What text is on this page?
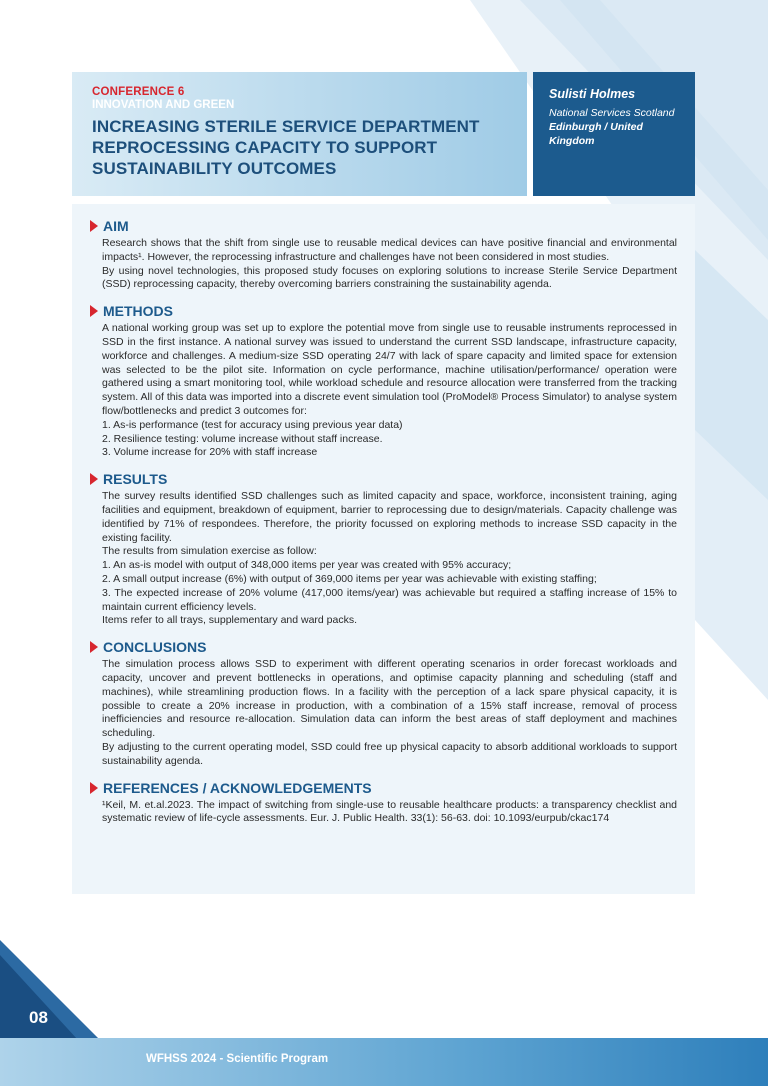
CONFERENCE 6
INNOVATION AND GREEN
INCREASING STERILE SERVICE DEPARTMENT REPROCESSING CAPACITY TO SUPPORT SUSTAINABILITY OUTCOMES
Sulisti Holmes
National Services Scotland
Edinburgh / United Kingdom
AIM

Research shows that the shift from single use to reusable medical devices can have positive financial and environmental impacts¹. However, the reprocessing infrastructure and challenges have not been considered in most studies.

By using novel technologies, this proposed study focuses on exploring solutions to increase Sterile Service Department (SSD) reprocessing capacity, thereby overcoming barriers constraining the sustainability agenda.

METHODS

A national working group was set up to explore the potential move from single use to reusable instruments reprocessed in SSD in the first instance. A national survey was issued to understand the current SSD landscape, infrastructure capacity, workforce and challenges. A medium-size SSD operating 24/7 with lack of spare capacity and limited space for extension was selected to be the pilot site. Information on cycle performance, machine utilisation/performance/ operation were gathered using a smart monitoring tool, while workload schedule and resource allocation were transferred from the tracking system. All of this data was imported into a discrete event simulation tool (ProModel® Process Simulator) to analyse system flow/bottlenecks and predict 3 outcomes for:

1. As-is performance (test for accuracy using previous year data)

2. Resilience testing: volume increase without staff increase.

3. Volume increase for 20% with staff increase

RESULTS

The survey results identified SSD challenges such as limited capacity and space, workforce, inconsistent training, aging facilities and equipment, breakdown of equipment, barrier to reprocessing due to design/materials. Capacity challenge was identified by 71% of respondees. Therefore, the priority focussed on exploring methods to increase SSD capacity in the existing facility.

The results from simulation exercise as follow:

1. An as-is model with output of 348,000 items per year was created with 95% accuracy;

2. A small output increase (6%) with output of 369,000 items per year was achievable with existing staffing;

3. The expected increase of 20% volume (417,000 items/year) was achievable but required a staffing increase of 15% to maintain current efficiency levels.

Items refer to all trays, supplementary and ward packs.

CONCLUSIONS

The simulation process allows SSD to experiment with different operating scenarios in order forecast workloads and capacity, uncover and prevent bottlenecks in operations, and optimise capacity planning and scheduling (staff and machines), while streamlining production flows. In a facility with the perception of a lack spare physical capacity, it is possible to create a 20% increase in production, with a combination of a 15% staff increase, removal of process inefficiencies and resource re-allocation. Simulation data can inform the best areas of staff deployment and machines scheduling.

By adjusting to the current operating model, SSD could free up physical capacity to absorb additional workloads to support sustainability agenda.

REFERENCES / ACKNOWLEDGEMENTS

¹Keil, M. et.al.2023. The impact of switching from single-use to reusable healthcare products: a transparency checklist and systematic review of life-cycle assessments. Eur. J. Public Health. 33(1): 56-63. doi: 10.1093/eurpub/ckac174

08
WFHSS 2024 - Scientific Program
